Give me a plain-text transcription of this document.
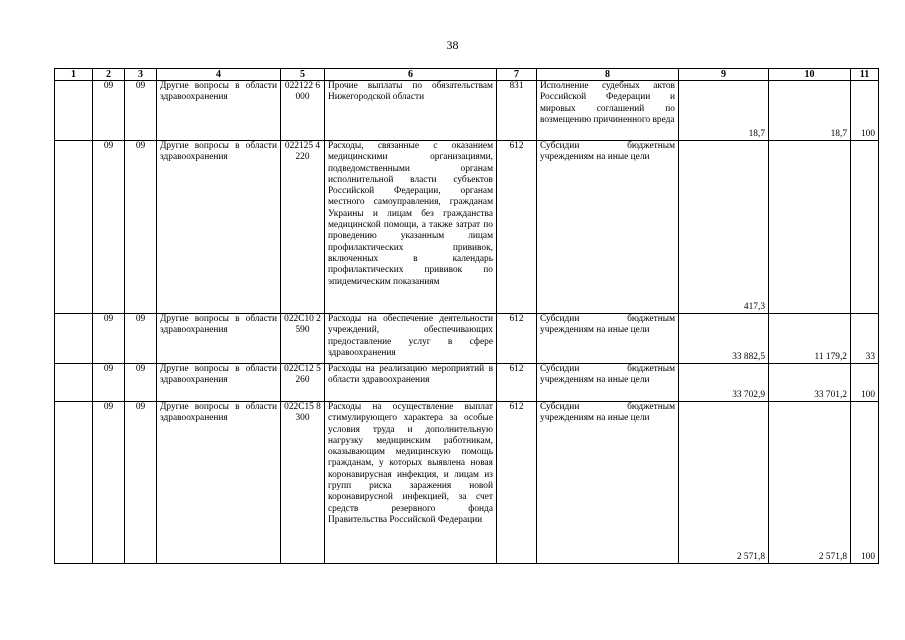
38
1	2	3	4	5	6	7	8	9	10	11
	09	09	Другие вопросы в области здравоохранения	022122 6000	Прочие выплаты по обязательствам Нижегородской области	831	Исполнение судебных актов Российской Федерации и мировых соглашений по возмещению причиненного вреда	18,7	18,7	100
	09	09	Другие вопросы в области здравоохранения	022125 4220	Расходы, связанные с оказанием медицинскими организациями, подведомственными органам исполнительной власти субъектов Российской Федерации, органам местного самоуправления, гражданам Украины и лицам без гражданства медицинской помощи, а также затрат по проведению указанным лицам профилактических прививок, включенных в календарь профилактических прививок по эпидемическим показаниям	612	Субсидии бюджетным учреждениям на иные цели	417,3		
	09	09	Другие вопросы в области здравоохранения	022С10 2590	Расходы на обеспечение деятельности учреждений, обеспечивающих предоставление услуг в сфере здравоохранения	612	Субсидии бюджетным учреждениям на иные цели	33 882,5	11 179,2	33
	09	09	Другие вопросы в области здравоохранения	022С12 5260	Расходы на реализацию мероприятий в области здравоохранения	612	Субсидии бюджетным учреждениям на иные цели	33 702,9	33 701,2	100
	09	09	Другие вопросы в области здравоохранения	022С15 8300	Расходы на осуществление выплат стимулирующего характера за особые условия труда и дополнительную нагрузку медицинским работникам, оказывающим медицинскую помощь гражданам, у которых выявлена новая коронавирусная инфекция, и лицам из групп риска заражения новой коронавирусной инфекцией, за счет средств резервного фонда Правительства Российской Федерации	612	Субсидии бюджетным учреждениям на иные цели	2 571,8	2 571,8	100
